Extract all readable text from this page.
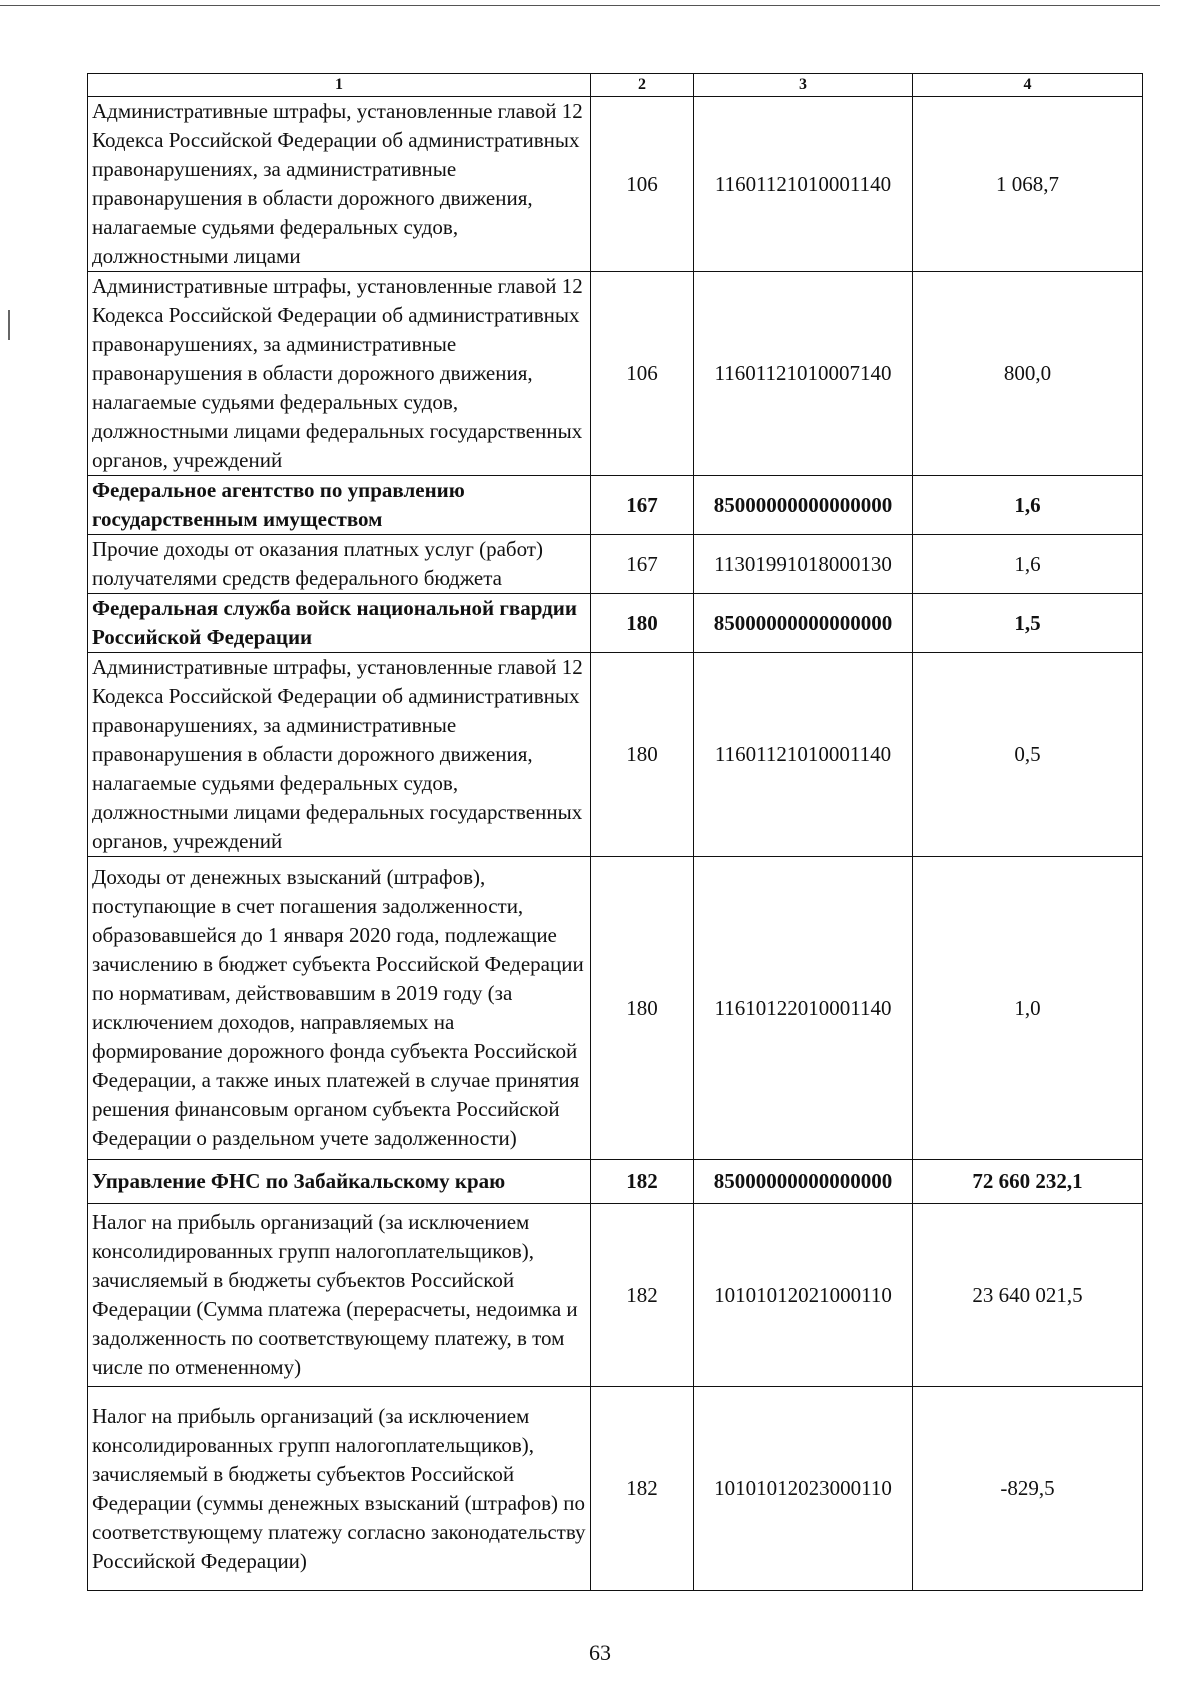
1	2	3	4
Административные штрафы, установленные главой 12 Кодекса Российской Федерации об административных правонарушениях, за административные правонарушения в области дорожного движения, налагаемые судьями федеральных судов, должностными лицами	106	11601121010001140	1 068,7
Административные штрафы, установленные главой 12 Кодекса Российской Федерации об административных правонарушениях, за административные правонарушения в области дорожного движения, налагаемые судьями федеральных судов, должностными лицами федеральных государственных органов, учреждений	106	11601121010007140	800,0
Федеральное агентство по управлению государственным имуществом	167	85000000000000000	1,6
Прочие доходы от оказания платных услуг (работ) получателями средств федерального бюджета	167	11301991018000130	1,6
Федеральная служба войск национальной гвардии Российской Федерации	180	85000000000000000	1,5
Административные штрафы, установленные главой 12 Кодекса Российской Федерации об административных правонарушениях, за административные правонарушения в области дорожного движения, налагаемые судьями федеральных судов, должностными лицами федеральных государственных органов, учреждений	180	11601121010001140	0,5
Доходы от денежных взысканий (штрафов), поступающие в счет погашения задолженности, образовавшейся до 1 января 2020 года, подлежащие зачислению в бюджет субъекта Российской Федерации по нормативам, действовавшим в 2019 году (за исключением доходов, направляемых на формирование дорожного фонда субъекта Российской Федерации, а также иных платежей в случае принятия решения финансовым органом субъекта Российской Федерации о раздельном учете задолженности)	180	11610122010001140	1,0
Управление ФНС по Забайкальскому краю	182	85000000000000000	72 660 232,1
Налог на прибыль организаций (за исключением консолидированных групп налогоплательщиков), зачисляемый в бюджеты субъектов Российской Федерации (Сумма платежа (перерасчеты, недоимка и задолженность по соответствующему платежу, в том числе по отмененному)	182	10101012021000110	23 640 021,5
Налог на прибыль организаций (за исключением консолидированных групп налогоплательщиков), зачисляемый в бюджеты субъектов Российской Федерации (суммы денежных взысканий (штрафов) по соответствующему платежу согласно законодательству Российской Федерации)	182	10101012023000110	-829,5
63
